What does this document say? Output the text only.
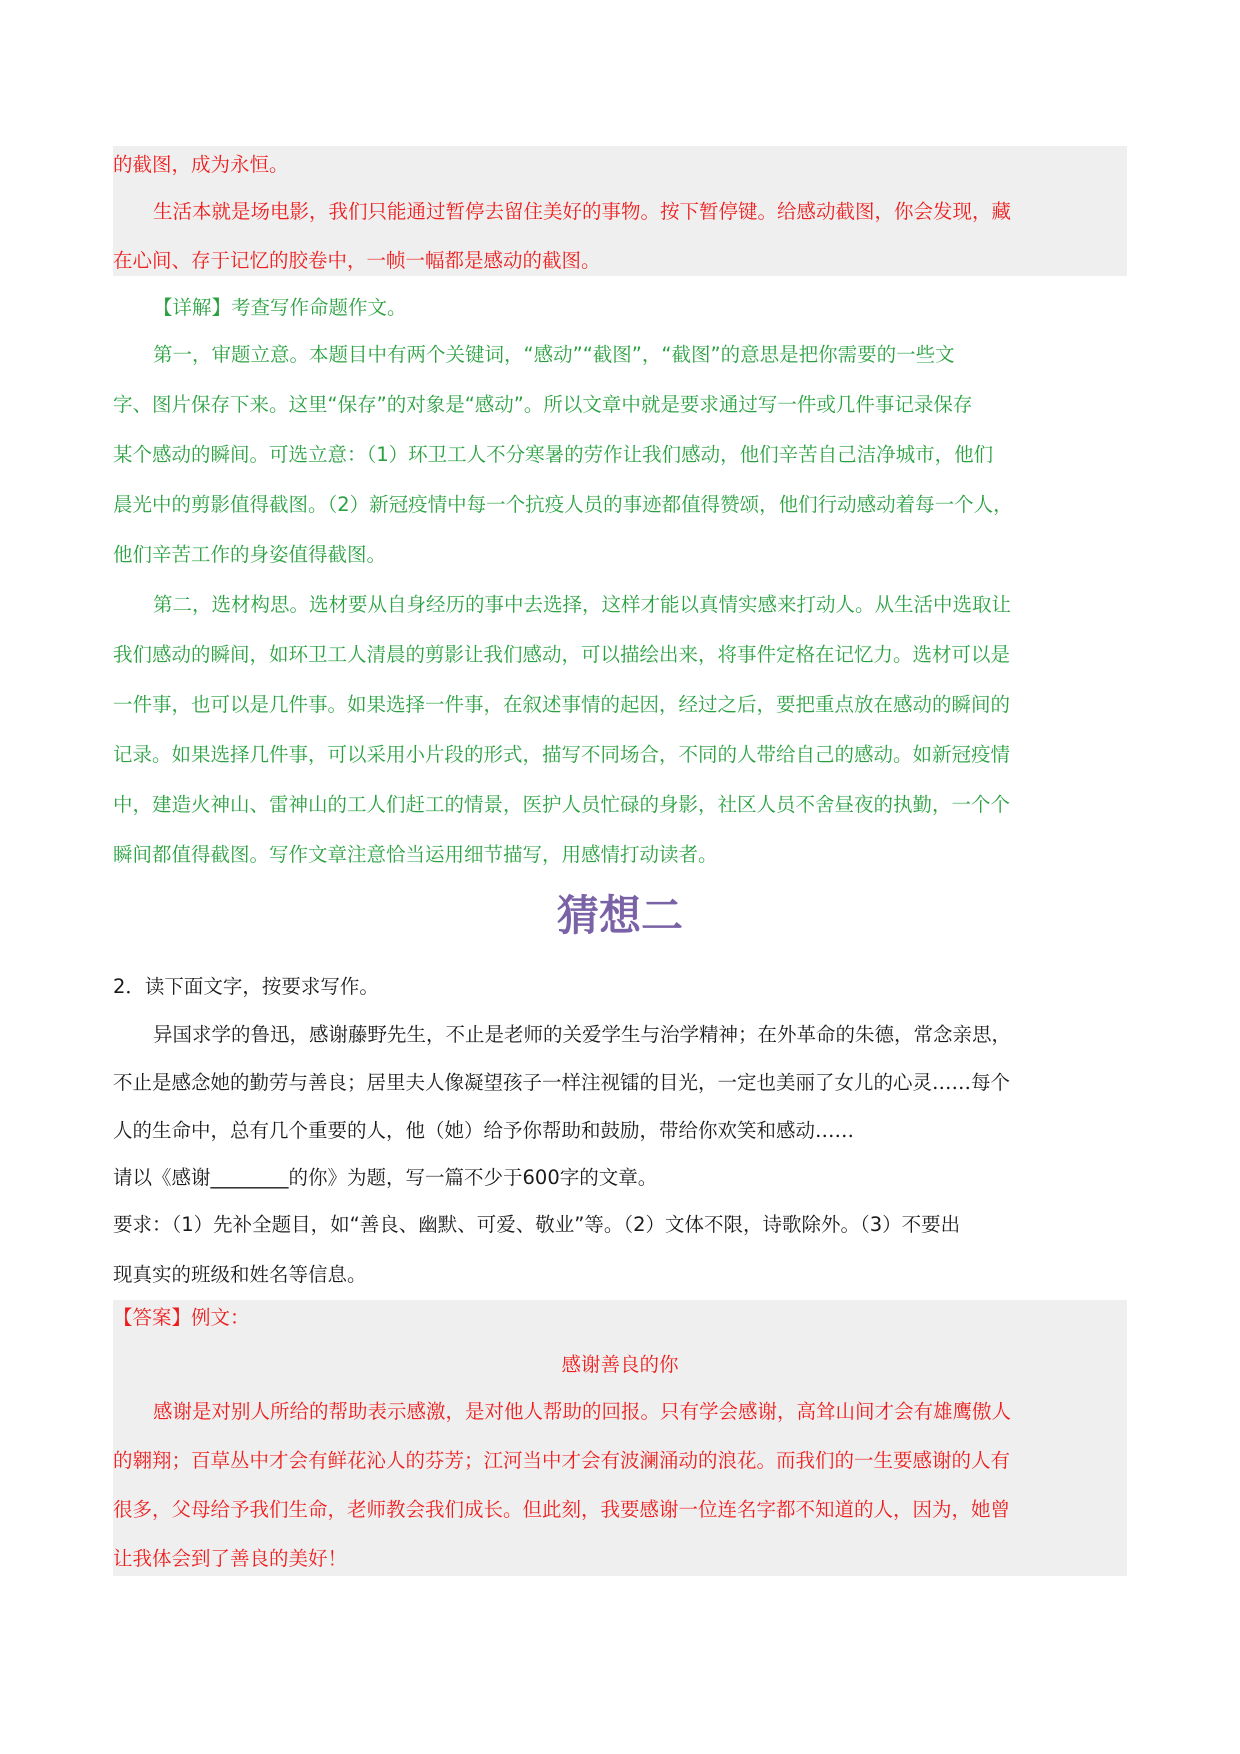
的截图，成为永恒。
生活本就是场电影，我们只能通过暂停去留住美好的事物。按下暂停键。给感动截图，你会发现，藏
在心间、存于记忆的胶卷中，一帧一幅都是感动的截图。
【详解】考查写作命题作文。
第一，审题立意。本题目中有两个关键词，“感动”“截图”，“截图”的意思是把你需要的一些文
字、图片保存下来。这里“保存”的对象是“感动”。所以文章中就是要求通过写一件或几件事记录保存
某个感动的瞬间。可选立意：（1）环卫工人不分寒暑的劳作让我们感动，他们辛苦自己洁净城市，他们
晨光中的剪影值得截图。（2）新冠疫情中每一个抗疫人员的事迹都值得赞颂，他们行动感动着每一个人，
他们辛苦工作的身姿值得截图。
第二，选材构思。选材要从自身经历的事中去选择，这样才能以真情实感来打动人。从生活中选取让
我们感动的瞬间，如环卫工人清晨的剪影让我们感动，可以描绘出来，将事件定格在记忆力。选材可以是
一件事，也可以是几件事。如果选择一件事，在叙述事情的起因，经过之后，要把重点放在感动的瞬间的
记录。如果选择几件事，可以采用小片段的形式，描写不同场合，不同的人带给自己的感动。如新冠疫情
中，建造火神山、雷神山的工人们赶工的情景，医护人员忙碌的身影，社区人员不舍昼夜的执勤，一个个
瞬间都值得截图。写作文章注意恰当运用细节描写，用感情打动读者。
猜想二
2．读下面文字，按要求写作。
异国求学的鲁迅，感谢藤野先生，不止是老师的关爱学生与治学精神；在外革命的朱德，常念亲思，
不止是感念她的勤劳与善良；居里夫人像凝望孩子一样注视镭的目光，一定也美丽了女儿的心灵……每个
人的生命中，总有几个重要的人，他（她）给予你帮助和鼓励，带给你欢笑和感动……
请以《感谢________的你》为题，写一篇不少于600字的文章。
要求：（1）先补全题目，如“善良、幽默、可爱、敬业”等。（2）文体不限，诗歌除外。（3）不要出
现真实的班级和姓名等信息。
【答案】例文：
感谢善良的你
感谢是对别人所给的帮助表示感激，是对他人帮助的回报。只有学会感谢，高耸山间才会有雄鹰傲人
的翱翔；百草丛中才会有鲜花沁人的芬芳；江河当中才会有波澜涌动的浪花。而我们的一生要感谢的人有
很多，父母给予我们生命，老师教会我们成长。但此刻，我要感谢一位连名字都不知道的人，因为，她曾
让我体会到了善良的美好！
